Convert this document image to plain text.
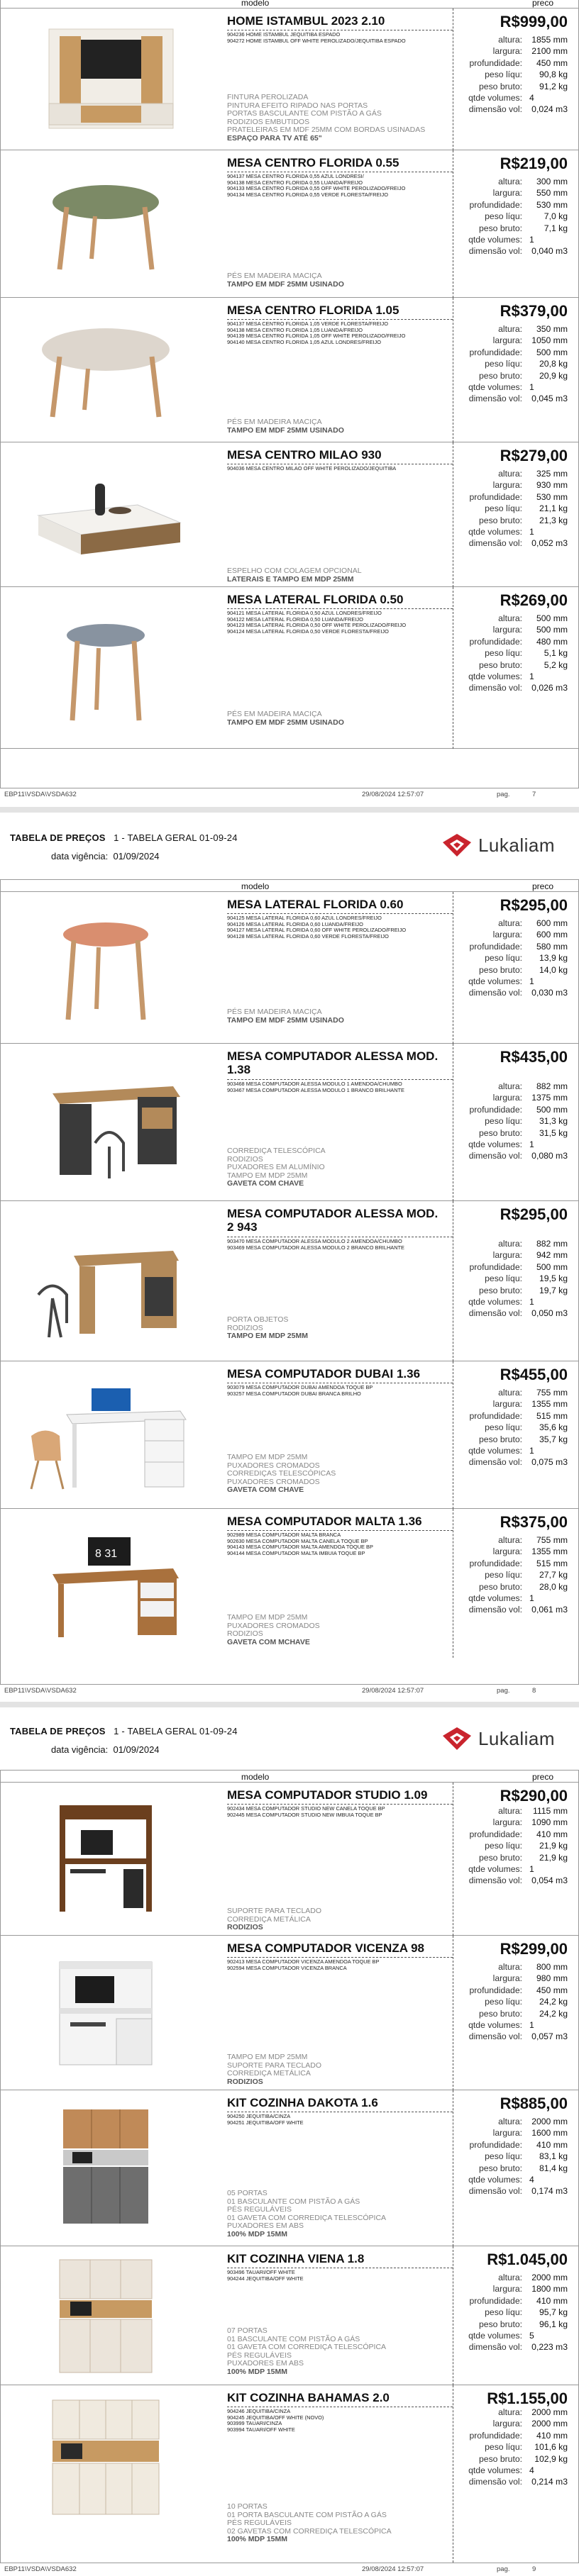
modelo	preco
HOME ISTAMBUL 2023 2.10	R$999,00
904236 HOME ISTAMBUL JEQUITIBA ESPADO
904272 HOME ISTAMBUL OFF WHITE PEROLIZADO/JEQUITIBA ESPADO
FINTURA PEROLIZADA
PINTURA EFEITO RIPADO NAS PORTAS
PORTAS BASCULANTE COM PISTÃO A GÁS
RODIZIOS EMBUTIDOS
PRATELEIRAS EM MDF 25MM COM BORDAS USINADAS
ESPAÇO PARA TV ATÉ 65"
altura:	1855 mm
largura:	2100 mm
profundidade:	450 mm
peso líqu:	90,8 kg
peso bruto:	91,2 kg
qtde volumes: 4
dimensão vol:	0,024 m3
MESA CENTRO FLORIDA 0.55	R$219,00
904137 MESA CENTRO FLORIDA 0,55 AZUL LONDRESI/
904138 MESA CENTRO FLORIDA 0,55 LUANDA/FREIJO
904133 MESA CENTRO FLORIDA 0,55 OFF WHITE PEROLIZADO/FREIJO
904134 MESA CENTRO FLORIDA 0,55 VERDE FLORESTA/FREIJO
PÉS EM MADEIRA MACIÇA
TAMPO EM MDF 25MM USINADO
altura:	300 mm
largura:	550 mm
profundidade:	530 mm
peso líqu:	7,0 kg
peso bruto:	7,1 kg
qtde volumes: 1
dimensão vol:	0,040 m3
MESA CENTRO FLORIDA 1.05	R$379,00
904137 MESA CENTRO FLORIDA 1,05 VERDE FLORESTA/FREIJO
904138 MESA CENTRO FLORIDA 1,05 LUANDA/FREIJO
904139 MESA CENTRO FLORIDA 1,05 OFF WHITE PEROLIZADO/FREIJO
904140 MESA CENTRO FLORIDA 1,05 AZUL LONDRES/FREIJO
PÉS EM MADEIRA MACIÇA
TAMPO EM MDF 25MM USINADO
altura:	350 mm
largura:	1050 mm
profundidade:	500 mm
peso líqu:	20,8 kg
peso bruto:	20,9 kg
qtde volumes: 1
dimensão vol:	0,045 m3
MESA CENTRO MILAO 930	R$279,00
904036 MESA CENTRO MILAO OFF WHITE PEROLIZADO/JEQUITIBA
ESPELHO COM COLAGEM OPCIONAL
LATERAIS E TAMPO EM MDP 25MM
altura:	325 mm
largura:	930 mm
profundidade:	530 mm
peso líqu:	21,1 kg
peso bruto:	21,3 kg
qtde volumes: 1
dimensão vol:	0,052 m3
MESA LATERAL FLORIDA 0.50	R$269,00
904121 MESA LATERAL FLORIDA 0,50 AZUL LONDRES/FREIJO
904122 MESA LATERAL FLORIDA 0,50 LUANDA/FREIJO
904123 MESA LATERAL FLORIDA 0,50 OFF WHITE PEROLIZADO/FREIJO
904124 MESA LATERAL FLORIDA 0,50 VERDE FLORESTA/FREIJO
PÉS EM MADEIRA MACIÇA
TAMPO EM MDF 25MM USINADO
altura:	500 mm
largura:	500 mm
profundidade:	480 mm
peso líqu:	5,1 kg
peso bruto:	5,2 kg
qtde volumes: 1
dimensão vol:	0,026 m3
EBP11\VSDA\VSDA632	29/08/2024 12:57:07	pag.	7
TABELA DE PREÇOS 1 - TABELA GERAL 01-09-24
data vigência: 01/09/2024
Lukaliam
modelo	preco
MESA LATERAL FLORIDA 0.60	R$295,00
904125 MESA LATERAL FLORIDA 0,60 AZUL LONDRES/FREIJO
904126 MESA LATERAL FLORIDA 0,60 LUANDA/FREIJO
904127 MESA LATERAL FLORIDA 0,60 OFF WHITE PEROLIZADO/FREIJO
904128 MESA LATERAL FLORIDA 0,60 VERDE FLORESTA/FREIJO
PÉS EM MADEIRA MACIÇA
TAMPO EM MDF 25MM USINADO
altura:	600 mm
largura:	600 mm
profundidade:	580 mm
peso líqu:	13,9 kg
peso bruto:	14,0 kg
qtde volumes: 1
dimensão vol:	0,030 m3
MESA COMPUTADOR ALESSA MOD. 1.38
R$435,00
903468 MESA COMPUTADOR ALESSA MODULO 1 AMENDOA/CHUMBO
903467 MESA COMPUTADOR ALESSA MODULO 1 BRANCO BRILHANTE
CORREDIÇA TELESCÓPICA
RODIZIOS
PUXADORES EM ALUMÍNIO
TAMPO EM MDP 25MM
GAVETA COM CHAVE
altura:	882 mm
largura:	1375 mm
profundidade:	500 mm
peso líqu:	31,3 kg
peso bruto:	31,5 kg
qtde volumes: 1
dimensão vol:	0,080 m3
MESA COMPUTADOR ALESSA MOD. 2 943
R$295,00
903470 MESA COMPUTADOR ALESSA MODULO 2 AMENDOA/CHUMBO
903469 MESA COMPUTADOR ALESSA MODULO 2 BRANCO BRILHANTE
PORTA OBJETOS
RODIZIOS
TAMPO EM MDP 25MM
altura:	882 mm
largura:	942 mm
profundidade:	500 mm
peso líqu:	19,5 kg
peso bruto:	19,7 kg
qtde volumes: 1
dimensão vol:	0,050 m3
MESA COMPUTADOR DUBAI 1.36	R$455,00
903079 MESA COMPUTADOR DUBAI AMENDOA TOQUE BP
903257 MESA COMPUTADOR DUBAI BRANCA BRILHO
TAMPO EM MDP 25MM
PUXADORES CROMADOS
CORREDIÇAS TELESCÓPICAS
PUXADORES CROMADOS
GAVETA COM CHAVE
altura:	755 mm
largura:	1355 mm
profundidade:	515 mm
peso líqu:	35,6 kg
peso bruto:	35,7 kg
qtde volumes: 1
dimensão vol:	0,075 m3
8 31
MESA COMPUTADOR MALTA 1.36	R$375,00
902989 MESA COMPUTADOR MALTA BRANCA
902630 MESA COMPUTADOR MALTA CANELA TOQUE BP
904143 MESA COMPUTADOR MALTA AMENDOA TOQUE BP
904144 MESA COMPUTADOR MALTA IMBUIA TOQUE BP
TAMPO EM MDP 25MM
PUXADORES CROMADOS
RODIZIOS
GAVETA COM MCHAVE
altura:	755 mm
largura:	1355 mm
profundidade:	515 mm
peso líqu:	27,7 kg
peso bruto:	28,0 kg
qtde volumes: 1
dimensão vol:	0,061 m3
EBP11\VSDA\VSDA632	29/08/2024 12:57:07	pag.	8
TABELA DE PREÇOS 1 - TABELA GERAL 01-09-24
data vigência: 01/09/2024
Lukaliam
modelo	preco
MESA COMPUTADOR STUDIO 1.09	R$290,00
902434 MESA COMPUTADOR STUDIO NEW CANELA TOQUE BP
902445 MESA COMPUTADOR STUDIO NEW IMBUIA TOQUE BP
SUPORTE PARA TECLADO
CORREDIÇA METÁLICA
RODIZIOS
altura:	1115 mm
largura:	1090 mm
profundidade:	410 mm
peso líqu:	21,9 kg
peso bruto:	21,9 kg
qtde volumes: 1
dimensão vol:	0,054 m3
MESA COMPUTADOR VICENZA 98	R$299,00
902413 MESA COMPUTADOR VICENZA AMENDOA TOQUE BP
902594 MESA COMPUTADOR VICENZA BRANCA
TAMPO EM MDP 25MM
SUPORTE PARA TECLADO
CORREDIÇA METÁLICA
RODIZIOS
altura:	800 mm
largura:	980 mm
profundidade:	450 mm
peso líqu:	24,2 kg
peso bruto:	24,2 kg
qtde volumes: 1
dimensão vol:	0,057 m3
KIT COZINHA DAKOTA 1.6	R$885,00
904250 JEQUITIBA/CINZA
904251 JEQUITIBA/OFF WHITE
05 PORTAS
01 BASCULANTE COM PISTÃO A GÁS
PÉS REGULÁVEIS
01 GAVETA COM CORREDIÇA TELESCÓPICA
PUXADORES EM ABS
100% MDP 15MM
altura:	2000 mm
largura:	1600 mm
profundidade:	410 mm
peso líqu:	83,1 kg
peso bruto:	81,4 kg
qtde volumes: 4
dimensão vol:	0,174 m3
KIT COZINHA VIENA 1.8	R$1.045,00
903496 TAUARI/OFF WHITE
904244 JEQUITIBA/OFF WHITE
07 PORTAS
01 BASCULANTE COM PISTÃO A GÁS
01 GAVETA COM CORREDIÇA TELESCÓPICA
PÉS REGULÁVEIS
PUXADORES EM ABS
100% MDP 15MM
altura:	2000 mm
largura:	1800 mm
profundidade:	410 mm
peso líqu:	95,7 kg
peso bruto:	96,1 kg
qtde volumes: 5
dimensão vol:	0,223 m3
KIT COZINHA BAHAMAS 2.0	R$1.155,00
904246 JEQUITIBA/CINZA
904245 JEQUITIBA/OFF WHITE (NOVO)
903999 TAUARI/CINZA
903994 TAUARI/OFF WHITE
10 PORTAS
01 PORTA BASCULANTE COM PISTÃO A GÁS
PÉS REGULÁVEIS
02 GAVETAS COM CORREDIÇA TELESCÓPICA
100% MDP 15MM
altura:	2000 mm
largura:	2000 mm
profundidade:	410 mm
peso líqu:	101,6 kg
peso bruto:	102,9 kg
qtde volumes: 4
dimensão vol:	0,214 m3
EBP11\VSDA\VSDA632	29/08/2024 12:57:07	pag.	9
